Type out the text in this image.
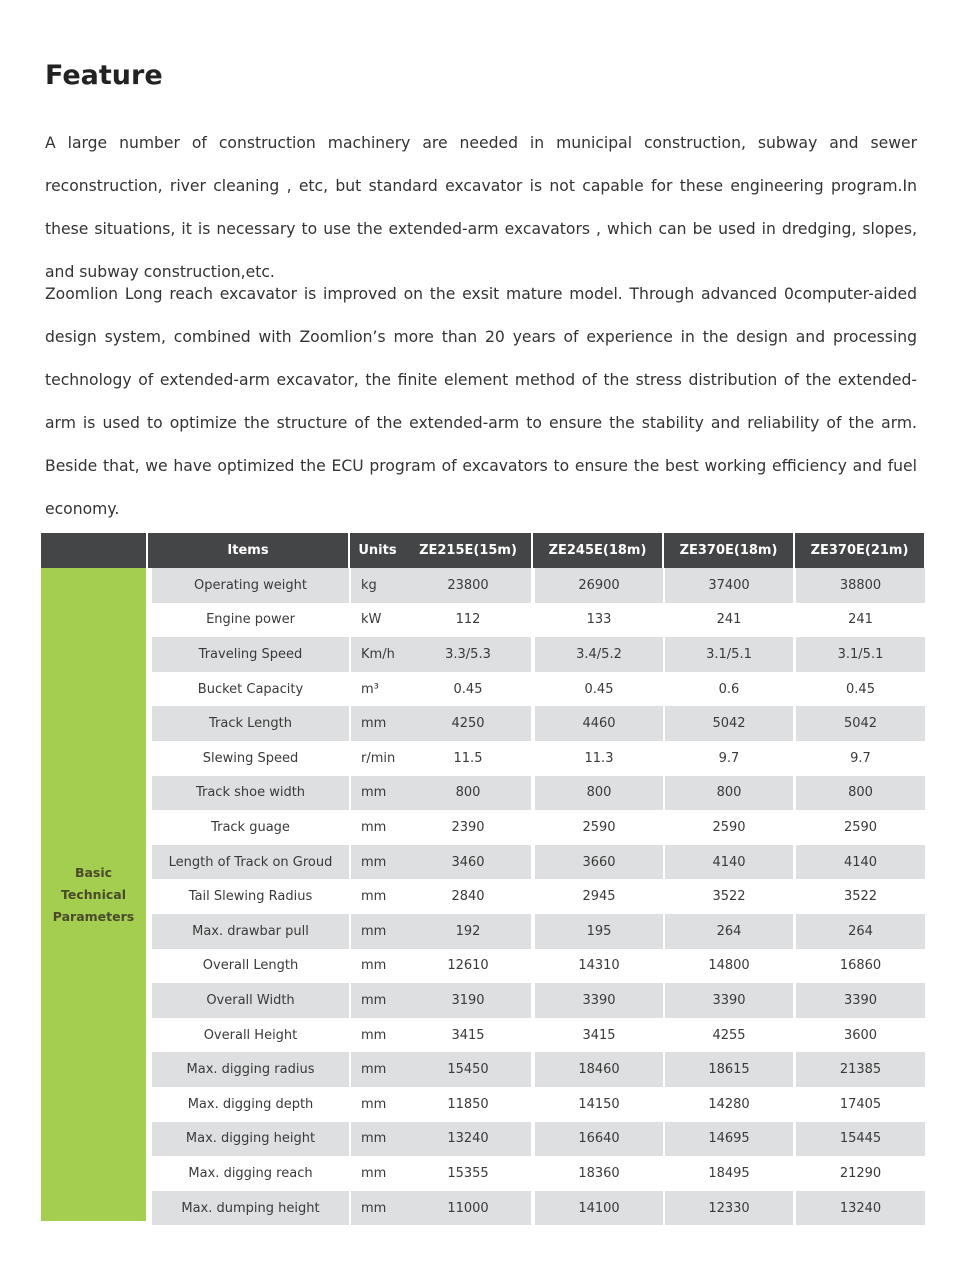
Feature

A large number of construction machinery are needed in municipal construction, subway and sewer reconstruction, river cleaning , etc, but standard excavator is not capable for these engineering program.In these situations, it is necessary to use the extended-arm excavators , which can be used in dredging, slopes, and subway construction,etc.

Zoomlion Long reach excavator is improved on the exsit mature model. Through advanced 0computer-aided design system, combined with Zoomlion’s more than 20 years of experience in the design and processing technology of extended-arm excavator, the finite element method of the stress distribution of the extended-arm is used to optimize the structure of the extended-arm to ensure the stability and reliability of the arm. Beside that, we have optimized the ECU program of excavators to ensure the best working efficiency and fuel economy.

Items	Units	ZE215E(15m)	ZE245E(18m)	ZE370E(18m)	ZE370E(21m)
Basic Technical
Parameters
Operating weight	kg	23800	26900	37400	38800
Engine power	kW	112	133	241	241
Traveling Speed	Km/h	3.3/5.3	3.4/5.2	3.1/5.1	3.1/5.1
Bucket Capacity	m³	0.45	0.45	0.6	0.45
Track Length	mm	4250	4460	5042	5042
Slewing Speed	r/min	11.5	11.3	9.7	9.7
Track shoe width	mm	800	800	800	800
Track guage	mm	2390	2590	2590	2590
Length of Track on Groud	mm	3460	3660	4140	4140
Tail Slewing Radius	mm	2840	2945	3522	3522
Max. drawbar pull	mm	192	195	264	264
Overall Length	mm	12610	14310	14800	16860
Overall Width	mm	3190	3390	3390	3390
Overall Height	mm	3415	3415	4255	3600
Max. digging radius	mm	15450	18460	18615	21385
Max. digging depth	mm	11850	14150	14280	17405
Max. digging height	mm	13240	16640	14695	15445
Max. digging reach	mm	15355	18360	18495	21290
Max. dumping height	mm	11000	14100	12330	13240
